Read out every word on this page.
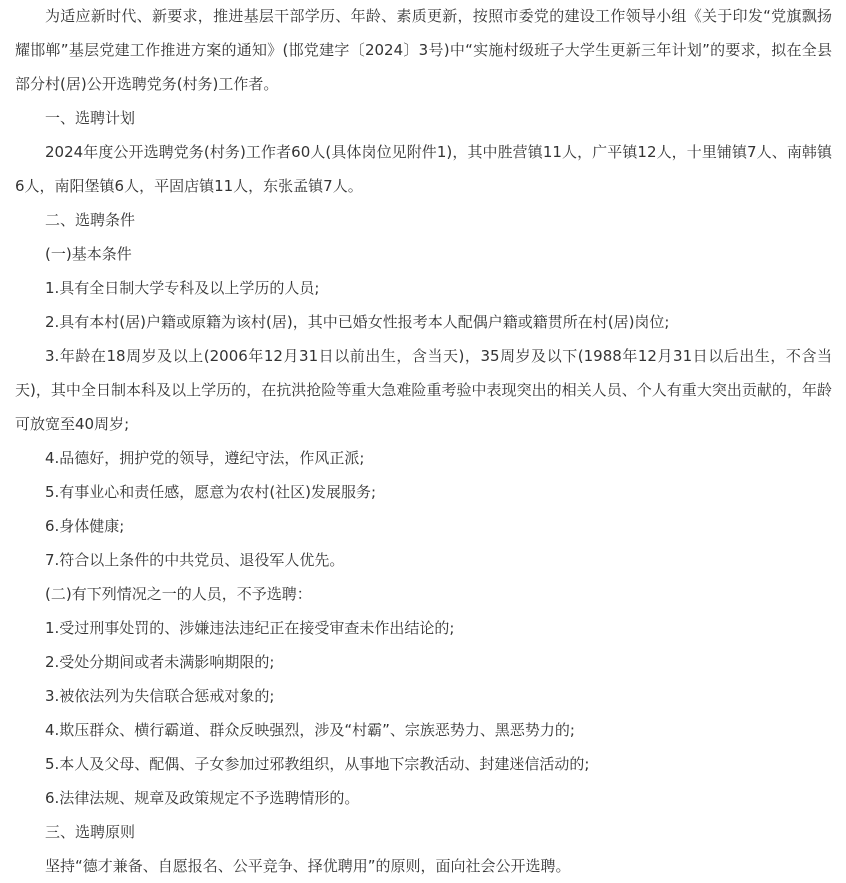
为适应新时代、新要求，推进基层干部学历、年龄、素质更新，按照市委党的建设工作领导小组《关于印发“党旗飘扬耀邯郸”基层党建工作推进方案的通知》(邯党建字〔2024〕3号)中“实施村级班子大学生更新三年计划”的要求，拟在全县部分村(居)公开选聘党务(村务)工作者。

一、选聘计划

2024年度公开选聘党务(村务)工作者60人(具体岗位见附件1)，其中胜营镇11人，广平镇12人，十里铺镇7人、南韩镇6人，南阳堡镇6人，平固店镇11人，东张孟镇7人。

二、选聘条件

(一)基本条件

1.具有全日制大学专科及以上学历的人员;

2.具有本村(居)户籍或原籍为该村(居)，其中已婚女性报考本人配偶户籍或籍贯所在村(居)岗位;

3.年龄在18周岁及以上(2006年12月31日以前出生，含当天)，35周岁及以下(1988年12月31日以后出生，不含当天)，其中全日制本科及以上学历的，在抗洪抢险等重大急难险重考验中表现突出的相关人员、个人有重大突出贡献的，年龄可放宽至40周岁;

4.品德好，拥护党的领导，遵纪守法，作风正派;

5.有事业心和责任感，愿意为农村(社区)发展服务;

6.身体健康;

7.符合以上条件的中共党员、退役军人优先。

(二)有下列情况之一的人员，不予选聘：

1.受过刑事处罚的、涉嫌违法违纪正在接受审查未作出结论的;

2.受处分期间或者未满影响期限的;

3.被依法列为失信联合惩戒对象的;

4.欺压群众、横行霸道、群众反映强烈，涉及“村霸”、宗族恶势力、黑恶势力的;

5.本人及父母、配偶、子女参加过邪教组织，从事地下宗教活动、封建迷信活动的;

6.法律法规、规章及政策规定不予选聘情形的。

三、选聘原则

坚持“德才兼备、自愿报名、公平竞争、择优聘用”的原则，面向社会公开选聘。
